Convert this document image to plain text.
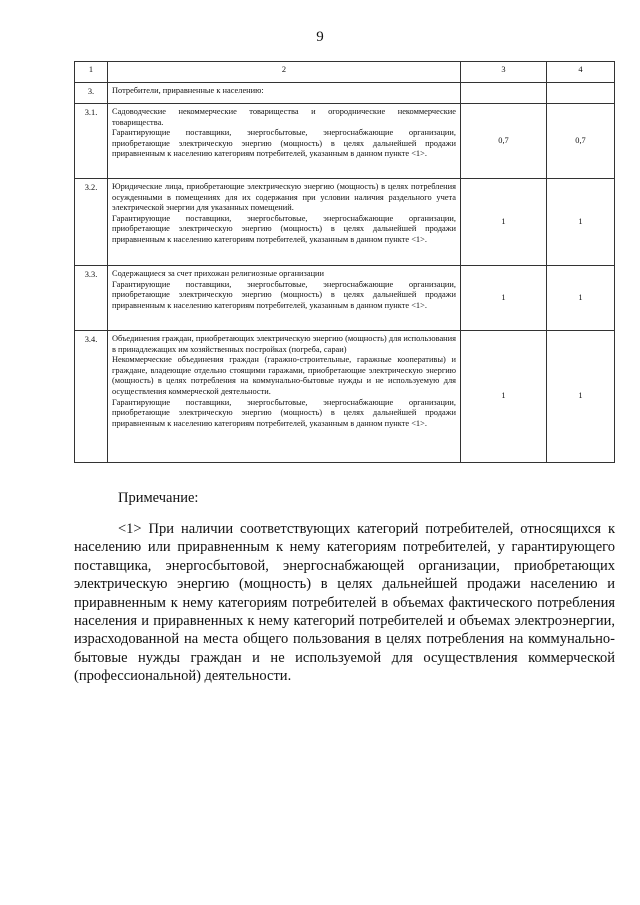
9
1	2	3	4
3.	Потребители, приравненные к населению:		
3.1.	Садоводческие некоммерческие товарищества и огороднические некоммерческие товарищества.
Гарантирующие поставщики, энергосбытовые, энергоснабжающие организации, приобретающие электрическую энергию (мощность) в целях дальнейшей продажи приравненным к населению категориям потребителей, указанным в данном пункте <1>.	0,7	0,7
3.2.	Юридические лица, приобретающие электрическую энергию (мощность) в целях потребления осужденными в помещениях для их содержания при условии наличия раздельного учета электрической энергии для указанных помещений.
Гарантирующие поставщики, энергосбытовые, энергоснабжающие организации, приобретающие электрическую энергию (мощность) в целях дальнейшей продажи приравненным к населению категориям потребителей, указанным в данном пункте <1>.	1	1
3.3.	Содержащиеся за счет прихожан религиозные организации
Гарантирующие поставщики, энергосбытовые, энергоснабжающие организации, приобретающие электрическую энергию (мощность) в целях дальнейшей продажи приравненным к населению категориям потребителей, указанным в данном пункте <1>.	1	1
3.4.	Объединения граждан, приобретающих электрическую энергию (мощность) для использования в принадлежащих им хозяйственных постройках (погреба, сараи)
Некоммерческие объединения граждан (гаражно-строительные, гаражные кооперативы) и граждане, владеющие отдельно стоящими гаражами, приобретающие электрическую энергию (мощность) в целях потребления на коммунально-бытовые нужды и не используемую для осуществления коммерческой деятельности.
Гарантирующие поставщики, энергосбытовые, энергоснабжающие организации, приобретающие электрическую энергию (мощность) в целях дальнейшей продажи приравненным к населению категориям потребителей, указанным в данном пункте <1>.	1	1
Примечание:

<1> При наличии соответствующих категорий потребителей, относящихся к населению или приравненным к нему категориям потребителей, у гарантирующего поставщика, энергосбытовой, энергоснабжающей организации, приобретающих электрическую энергию (мощность) в целях дальнейшей продажи населению и приравненным к нему категориям потребителей в объемах фактического потребления населения и приравненных к нему категорий потребителей и объемах электроэнергии, израсходованной на места общего пользования в целях потребления на коммунально-бытовые нужды граждан и не используемой для осуществления коммерческой (профессиональной) деятельности.
